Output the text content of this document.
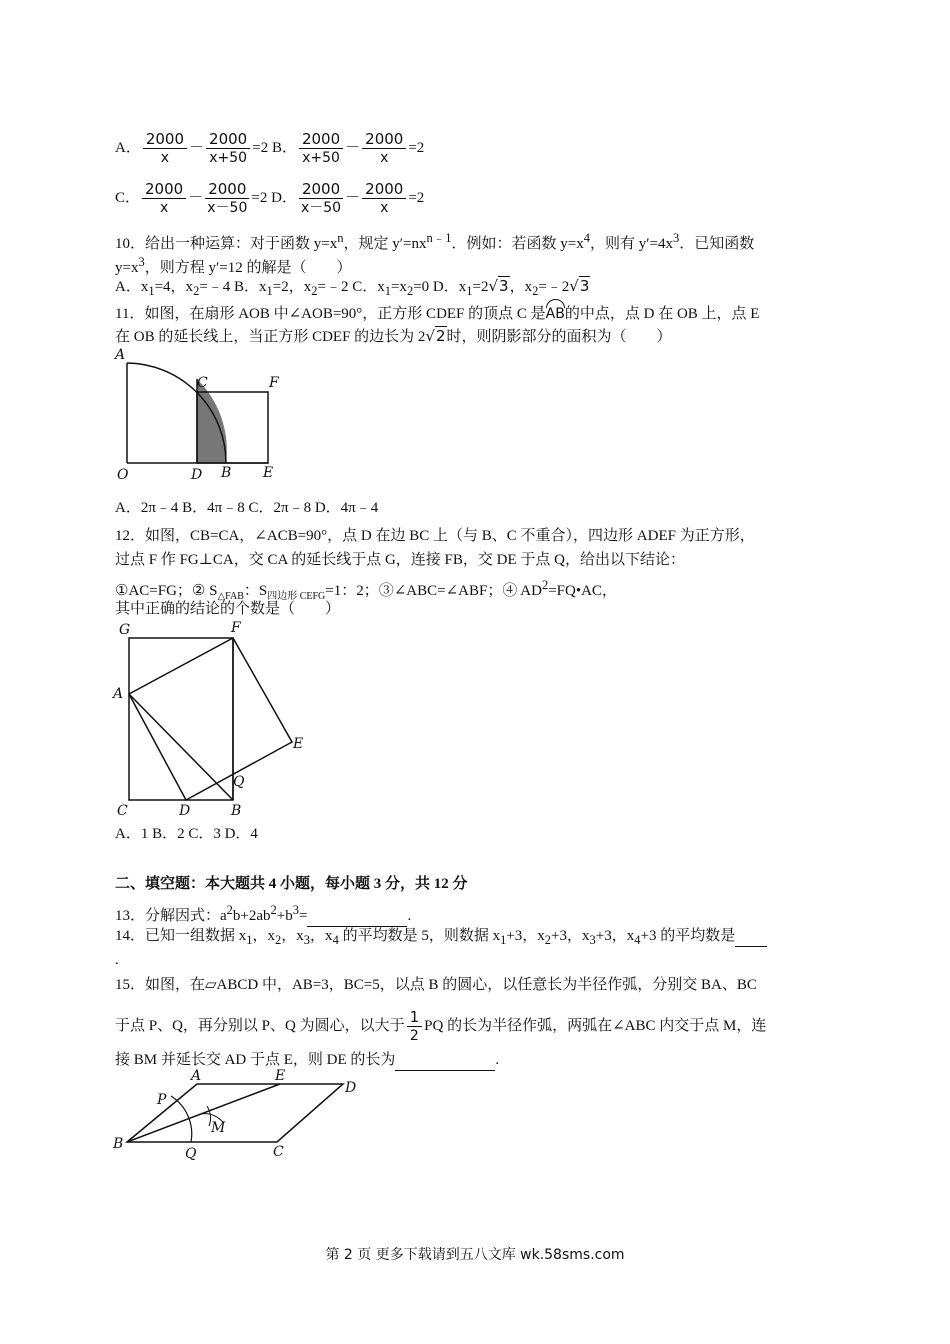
A． $\frac{2000}{x} - \frac{2000}{x+50} =2$ B． $\frac{2000}{x+50} - \frac{2000}{x} =2$
C． $\frac{2000}{x} - \frac{2000}{x-50} =2$ D． $\frac{2000}{x-50} - \frac{2000}{x} =2$
10．给出一种运算：对于函数 $y=x^n$，规定 $y'=nx^{n﹣1}$．例如：若函数 $y=x^4$，则有 $y'=4x^3$．已知函数
$y=x^3$，则方程 y′=12 的解是（　　）
A．$x_1=4$，$x_2=﹣4$ B．$x_1=2$，$x_2=﹣2$ C．$x_1=x_2=0$ D．$x_1=2√3$，$x_2=﹣2√3$
11．如图，在扇形 AOB 中∠AOB=90°，正方形 CDEF 的顶点 C 是AB的中点，点 D 在 OB 上，点 E
在 OB 的延长线上，当正方形 CDEF 的边长为 2√2时，则阴影部分的面积为（　　）
A
C	F
O	D B E
A．2π﹣4 B．4π﹣8 C．2π﹣8 D．4π﹣4
12．如图，CB=CA，∠ACB=90°，点 D 在边 BC 上（与 B、C 不重合），四边形 ADEF 为正方形，
过点 F 作 FG⊥CA，交 CA 的延长线于点 G，连接 FB，交 DE 于点 Q，给出以下结论：
①AC=FG；② $S_{\triangle FAB}$：$S_{四边形 CEFG}=1$：2；③∠ABC=∠ABF；④ $AD^2=FQ•AC$，
其中正确的结论的个数是（　　）
G	F
A
E
Q
C	D	B
A．1 B．2 C．3 D．4
二、填空题：本大题共 4 小题，每小题 3 分，共 12 分
13．分解因式：$a^2b+2ab^2+b^3=$	.
14．已知一组数据 $x_1$，$x_2$，$x_3$，$x_4$ 的平均数是 5，则数据 $x_1+3$，$x_2+3$，$x_3+3$，$x_4+3$ 的平均数是
.
15．如图，在▱ABCD 中，AB=3，BC=5，以点 B 的圆心，以任意长为半径作弧，分别交 BA、BC
于点 P、Q，再分别以 P、Q 为圆心，以大于 $\frac{1}{2}$ PQ 的长为半径作弧，两弧在∠ABC 内交于点 M，连
接 BM 并延长交 AD 于点 E，则 DE 的长为	.
A	E
D
P
M
B
Q	C
第 2 页 更多下载请到五八文库 wk.58sms.com
